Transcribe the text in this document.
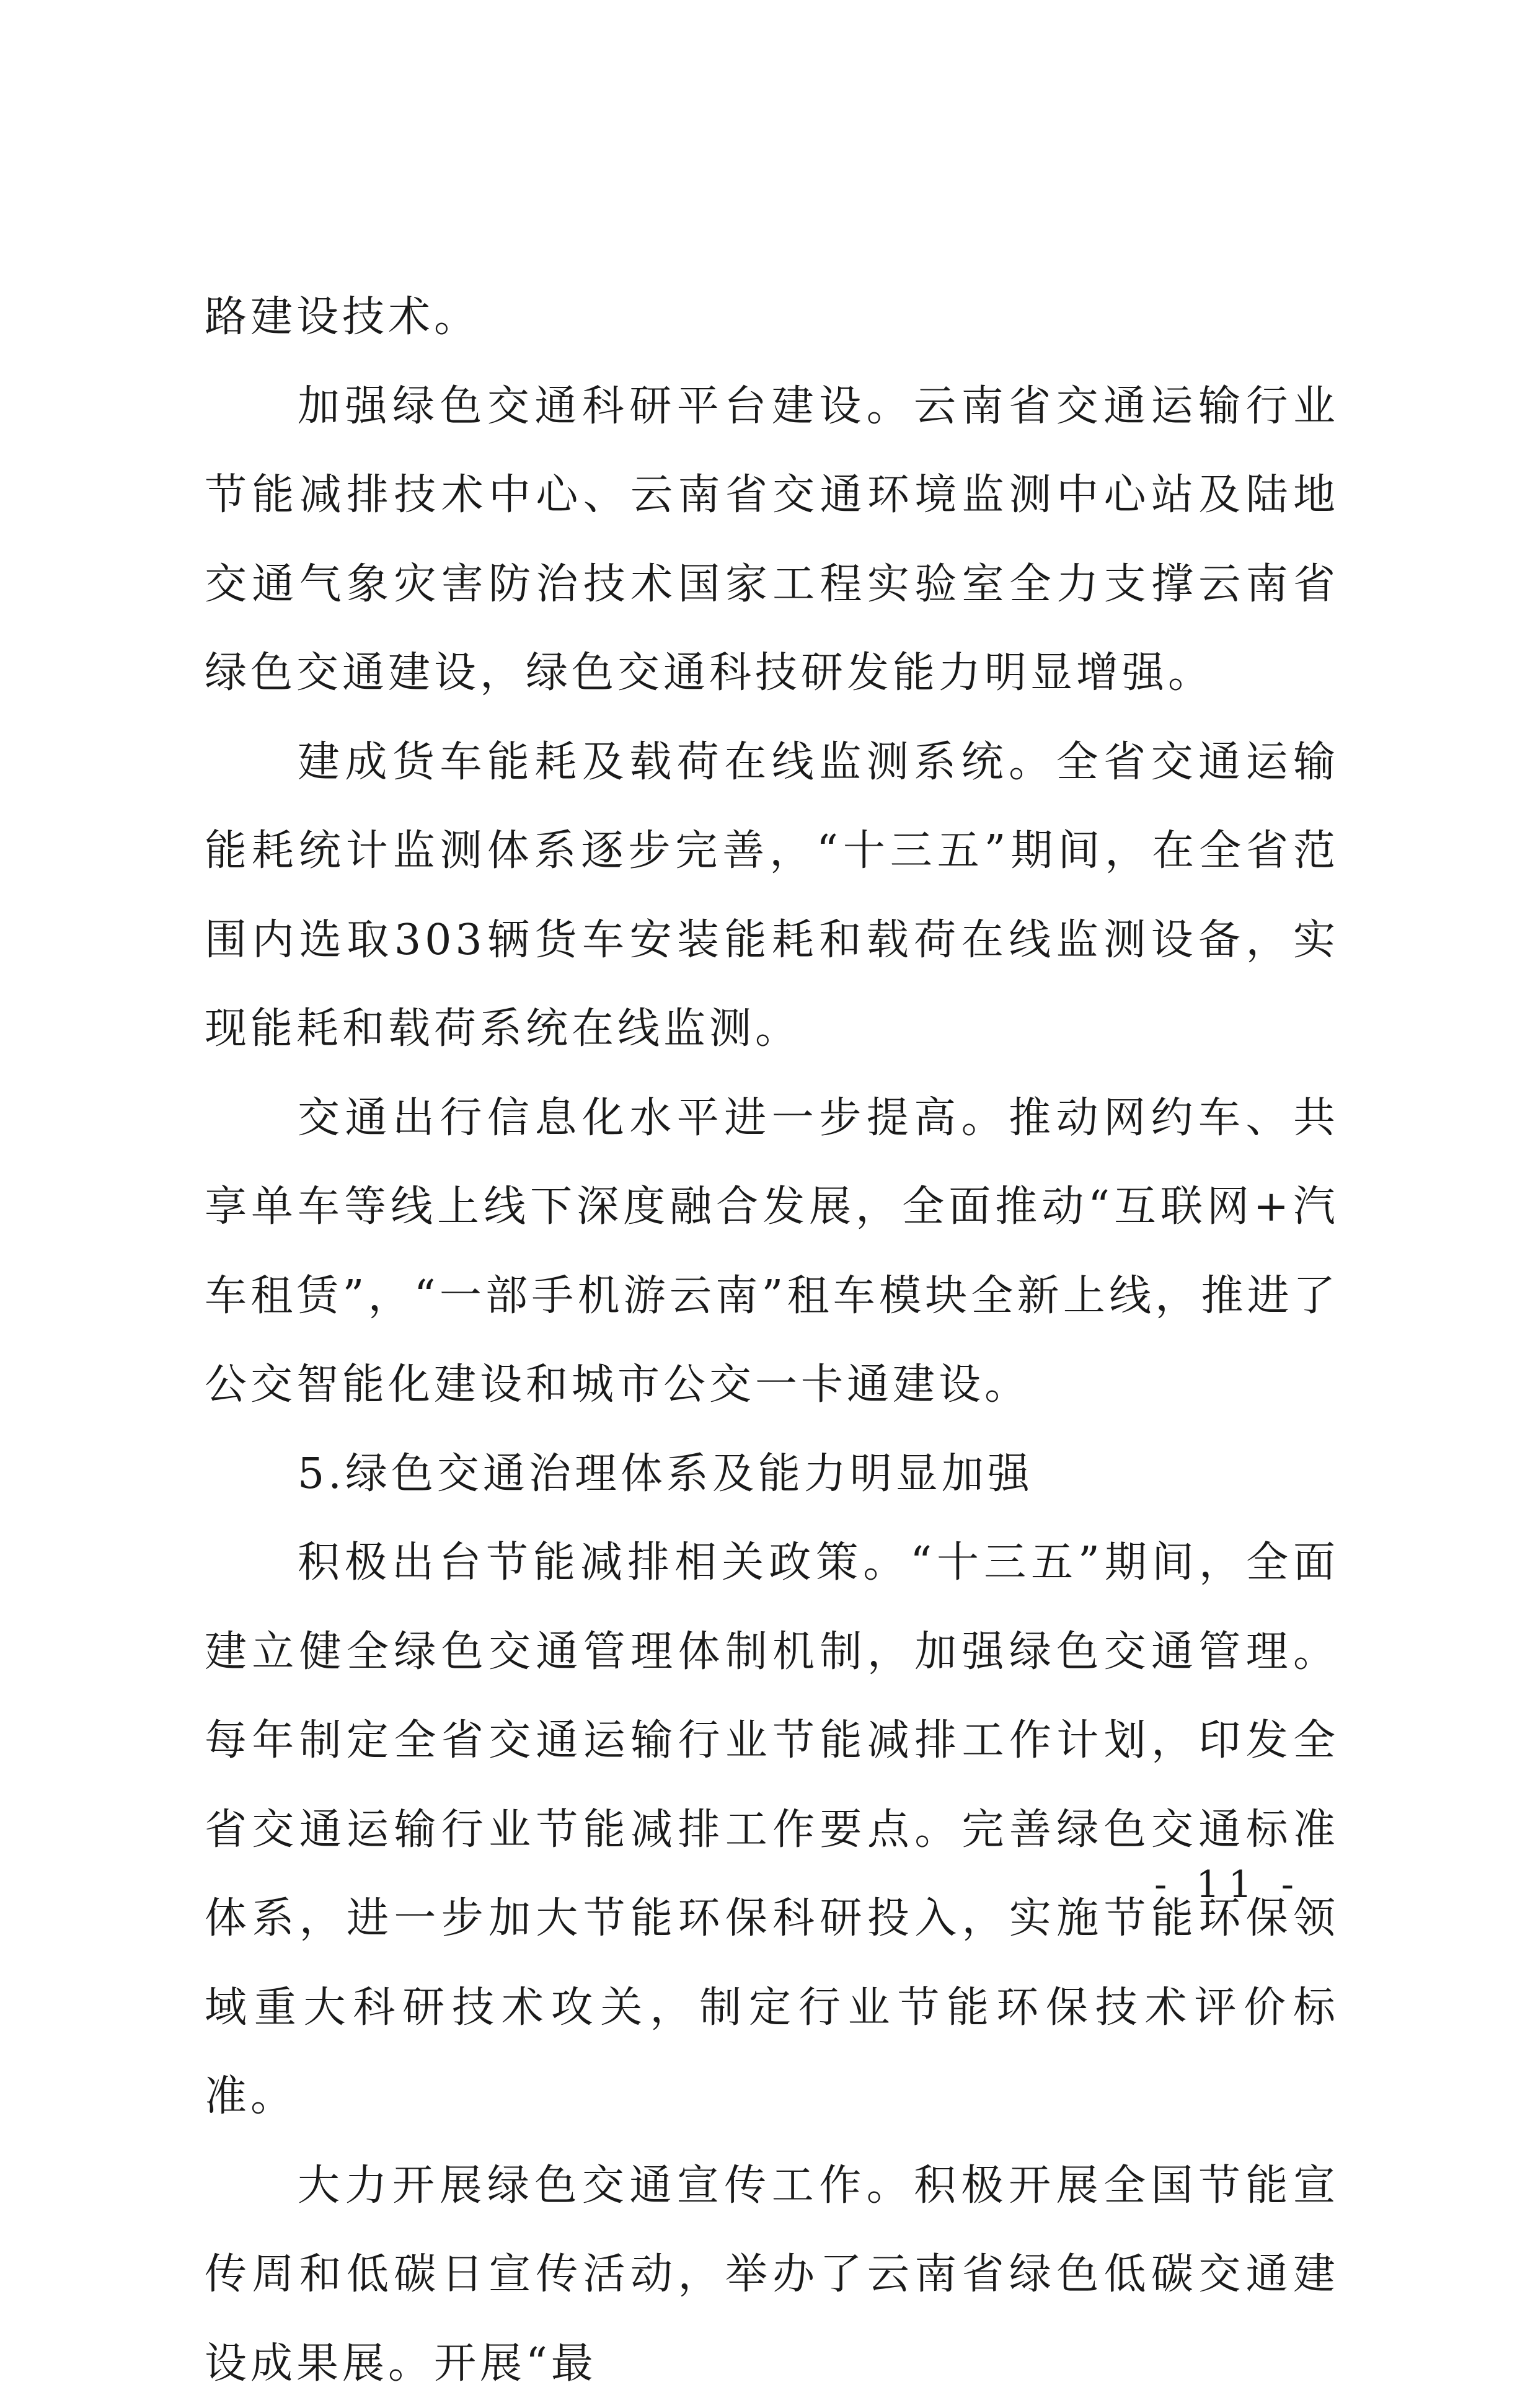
路建设技术。

加强绿色交通科研平台建设。云南省交通运输行业节能减排技术中心、云南省交通环境监测中心站及陆地交通气象灾害防治技术国家工程实验室全力支撑云南省绿色交通建设，绿色交通科技研发能力明显增强。

建成货车能耗及载荷在线监测系统。全省交通运输能耗统计监测体系逐步完善，“十三五”期间，在全省范围内选取303辆货车安装能耗和载荷在线监测设备，实现能耗和载荷系统在线监测。

交通出行信息化水平进一步提高。推动网约车、共享单车等线上线下深度融合发展，全面推动“互联网+汽车租赁”，“一部手机游云南”租车模块全新上线，推进了公交智能化建设和城市公交一卡通建设。

5.绿色交通治理体系及能力明显加强

积极出台节能减排相关政策。“十三五”期间，全面建立健全绿色交通管理体制机制，加强绿色交通管理。每年制定全省交通运输行业节能减排工作计划，印发全省交通运输行业节能减排工作要点。完善绿色交通标准体系，进一步加大节能环保科研投入，实施节能环保领域重大科研技术攻关，制定行业节能环保技术评价标准。

大力开展绿色交通宣传工作。积极开展全国节能宣传周和低碳日宣传活动，举办了云南省绿色低碳交通建设成果展。开展“最

- 11 -
